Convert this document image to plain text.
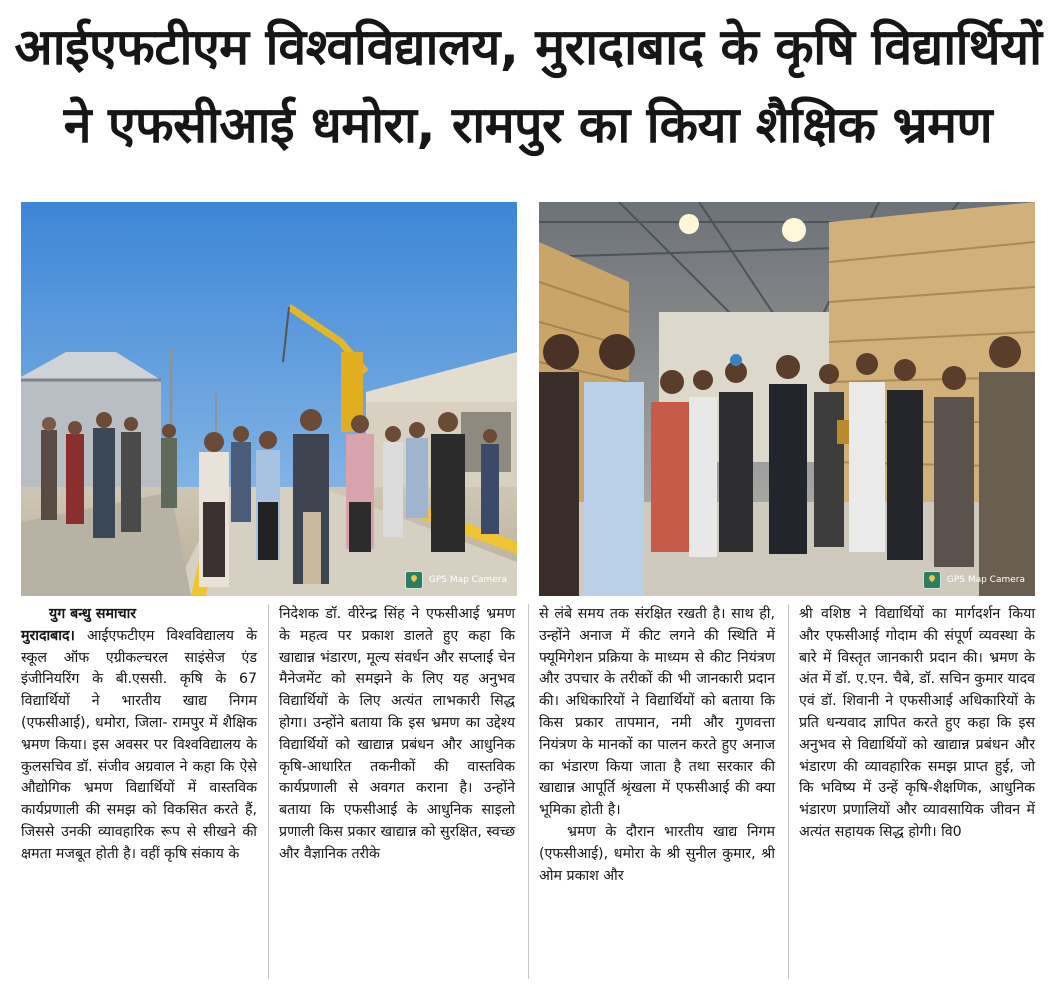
आईएफटीएम विश्वविद्यालय, मुरादाबाद के कृषि विद्यार्थियों
ने एफसीआई धमोरा, रामपुर का किया शैक्षिक भ्रमण
GPS Map Camera	GPS Map Camera
युग बन्धु समाचार

मुरादाबाद। आईएफटीएम विश्वविद्यालय के स्कूल ऑफ एग्रीकल्चरल साइंसेज एंड इंजीनियरिंग के बी.एससी. कृषि के 67 विद्यार्थियों ने भारतीय खाद्य निगम (एफसीआई), धमोरा, जिला- रामपुर में शैक्षिक भ्रमण किया। इस अवसर पर विश्वविद्यालय के कुलसचिव डॉ. संजीव अग्रवाल ने कहा कि ऐसे औद्योगिक भ्रमण विद्यार्थियों में वास्तविक कार्यप्रणाली की समझ को विकसित करते हैं, जिससे उनकी व्यावहारिक रूप से सीखने की क्षमता मजबूत होती है। वहीं कृषि संकाय के

निदेशक डॉ. वीरेन्द्र सिंह ने एफसीआई भ्रमण के महत्व पर प्रकाश डालते हुए कहा कि खाद्यान्न भंडारण, मूल्य संवर्धन और सप्लाई चेन मैनेजमेंट को समझने के लिए यह अनुभव विद्यार्थियों के लिए अत्यंत लाभकारी सिद्ध होगा। उन्होंने बताया कि इस भ्रमण का उद्देश्य विद्यार्थियों को खाद्यान्न प्रबंधन और आधुनिक कृषि-आधारित तकनीकों की वास्तविक कार्यप्रणाली से अवगत कराना है। उन्होंने बताया कि एफसीआई के आधुनिक साइलो प्रणाली किस प्रकार खाद्यान्न को सुरक्षित, स्वच्छ और वैज्ञानिक तरीके

से लंबे समय तक संरक्षित रखती है। साथ ही, उन्होंने अनाज में कीट लगने की स्थिति में फ्यूमिगेशन प्रक्रिया के माध्यम से कीट नियंत्रण और उपचार के तरीकों की भी जानकारी प्रदान की। अधिकारियों ने विद्यार्थियों को बताया कि किस प्रकार तापमान, नमी और गुणवत्ता नियंत्रण के मानकों का पालन करते हुए अनाज का भंडारण किया जाता है तथा सरकार की खाद्यान्न आपूर्ति श्रृंखला में एफसीआई की क्या भूमिका होती है।

भ्रमण के दौरान भारतीय खाद्य निगम (एफसीआई), धमोरा के श्री सुनील कुमार, श्री ओम प्रकाश और

श्री वशिष्ठ ने विद्यार्थियों का मार्गदर्शन किया और एफसीआई गोदाम की संपूर्ण व्यवस्था के बारे में विस्तृत जानकारी प्रदान की। भ्रमण के अंत में डॉ. ए.एन. चैबे, डॉ. सचिन कुमार यादव एवं डॉ. शिवानी ने एफसीआई अधिकारियों के प्रति धन्यवाद ज्ञापित करते हुए कहा कि इस अनुभव से विद्यार्थियों को खाद्यान्न प्रबंधन और भंडारण की व्यावहारिक समझ प्राप्त हुई, जो कि भविष्य में उन्हें कृषि-शैक्षणिक, आधुनिक भंडारण प्रणालियों और व्यावसायिक जीवन में अत्यंत सहायक सिद्ध होगी। वि0
